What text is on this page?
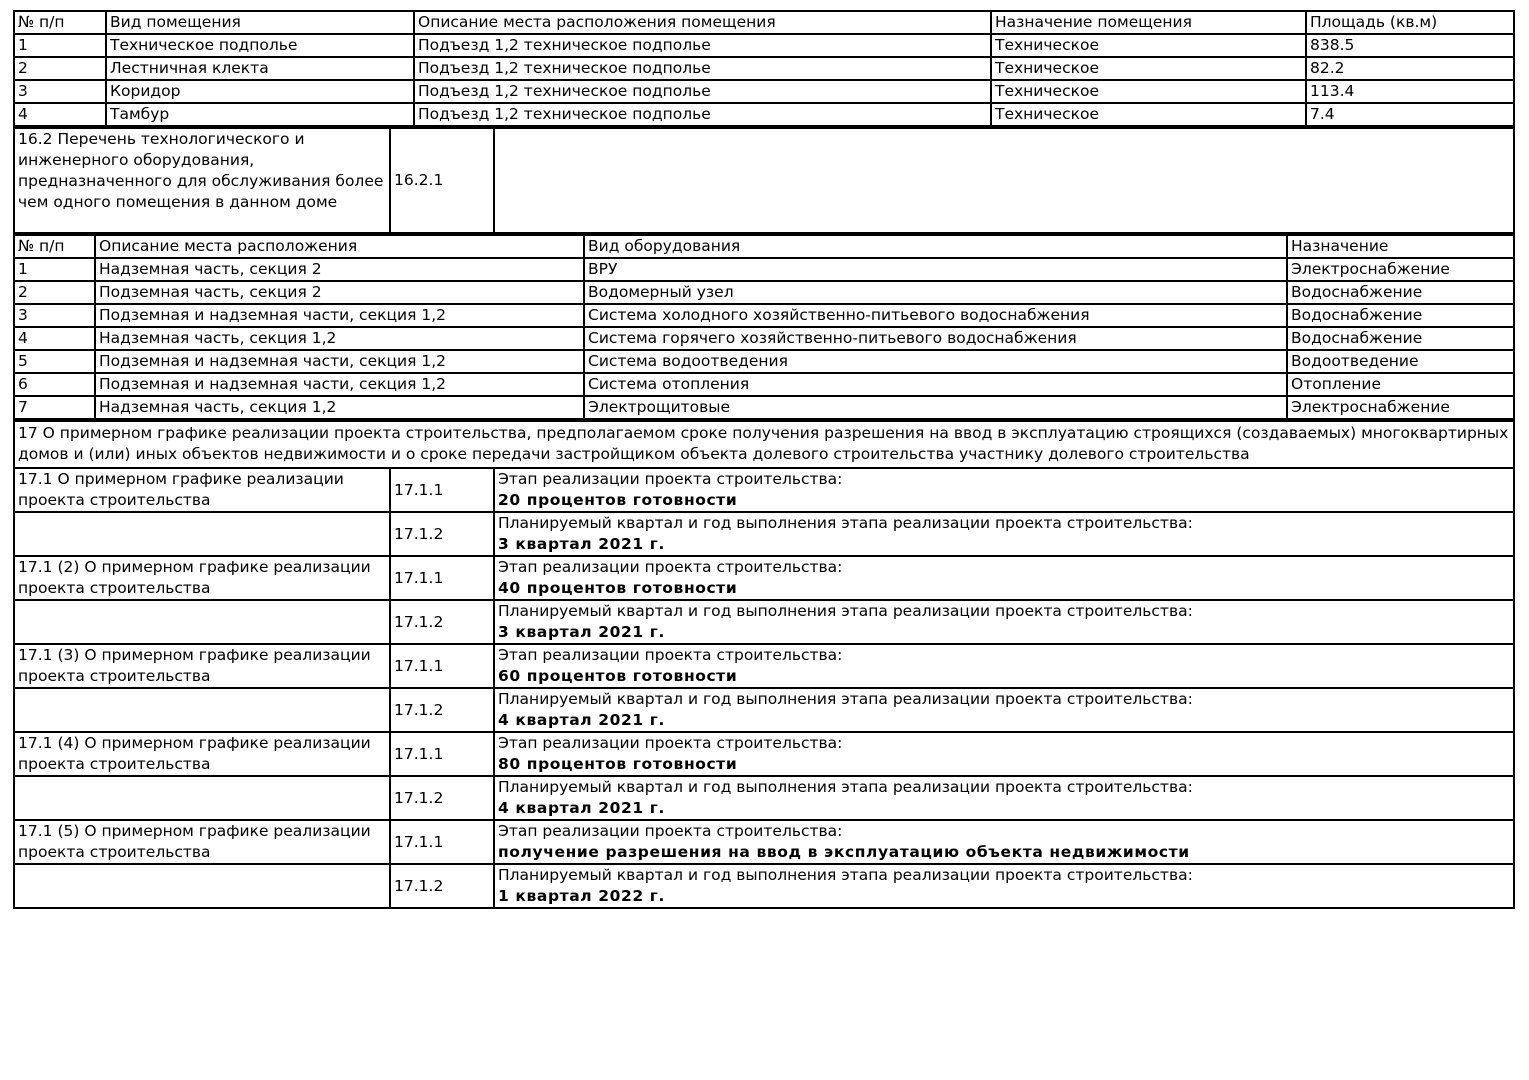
№ п/п	Вид помещения	Описание места расположения помещения	Назначение помещения	Площадь (кв.м)
1	Техническое подполье	Подъезд 1,2 техническое подполье	Техническое	838.5
2	Лестничная клекта	Подъезд 1,2 техническое подполье	Техническое	82.2
3	Коридор	Подъезд 1,2 техническое подполье	Техническое	113.4
4	Тамбур	Подъезд 1,2 техническое подполье	Техническое	7.4
16.2 Перечень технологического и инженерного оборудования, предназначенного для обслуживания более чем одного помещения в данном доме	16.2.1	
№ п/п	Описание места расположения	Вид оборудования	Назначение
1	Надземная часть, секция 2	ВРУ	Электроснабжение
2	Подземная часть, секция 2	Водомерный узел	Водоснабжение
3	Подземная и надземная части, секция 1,2	Система холодного хозяйственно-питьевого водоснабжения	Водоснабжение
4	Надземная часть, секция 1,2	Система горячего хозяйственно-питьевого водоснабжения	Водоснабжение
5	Подземная и надземная части, секция 1,2	Система водоотведения	Водоотведение
6	Подземная и надземная части, секция 1,2	Система отопления	Отопление
7	Надземная часть, секция 1,2	Электрощитовые	Электроснабжение
17 О примерном графике реализации проекта строительства, предполагаемом сроке получения разрешения на ввод в эксплуатацию строящихся (создаваемых) многоквартирных домов и (или) иных объектов недвижимости и о сроке передачи застройщиком объекта долевого строительства участнику долевого строительства		
17.1 О примерном графике реализации проекта строительства	17.1.1	Этап реализации проекта строительства:
20 процентов готовности

	17.1.2	Планируемый квартал и год выполнения этапа реализации проекта строительства:
3 квартал 2021 г.

17.1 (2) О примерном графике реализации проекта строительства	17.1.1	Этап реализации проекта строительства:
40 процентов готовности

	17.1.2	Планируемый квартал и год выполнения этапа реализации проекта строительства:
3 квартал 2021 г.

17.1 (3) О примерном графике реализации проекта строительства	17.1.1	Этап реализации проекта строительства:
60 процентов готовности

	17.1.2	Планируемый квартал и год выполнения этапа реализации проекта строительства:
4 квартал 2021 г.

17.1 (4) О примерном графике реализации проекта строительства	17.1.1	Этап реализации проекта строительства:
80 процентов готовности

	17.1.2	Планируемый квартал и год выполнения этапа реализации проекта строительства:
4 квартал 2021 г.

17.1 (5) О примерном графике реализации проекта строительства	17.1.1	Этап реализации проекта строительства:
получение разрешения на ввод в эксплуатацию объекта недвижимости

	17.1.2	Планируемый квартал и год выполнения этапа реализации проекта строительства:
1 квартал 2022 г.
